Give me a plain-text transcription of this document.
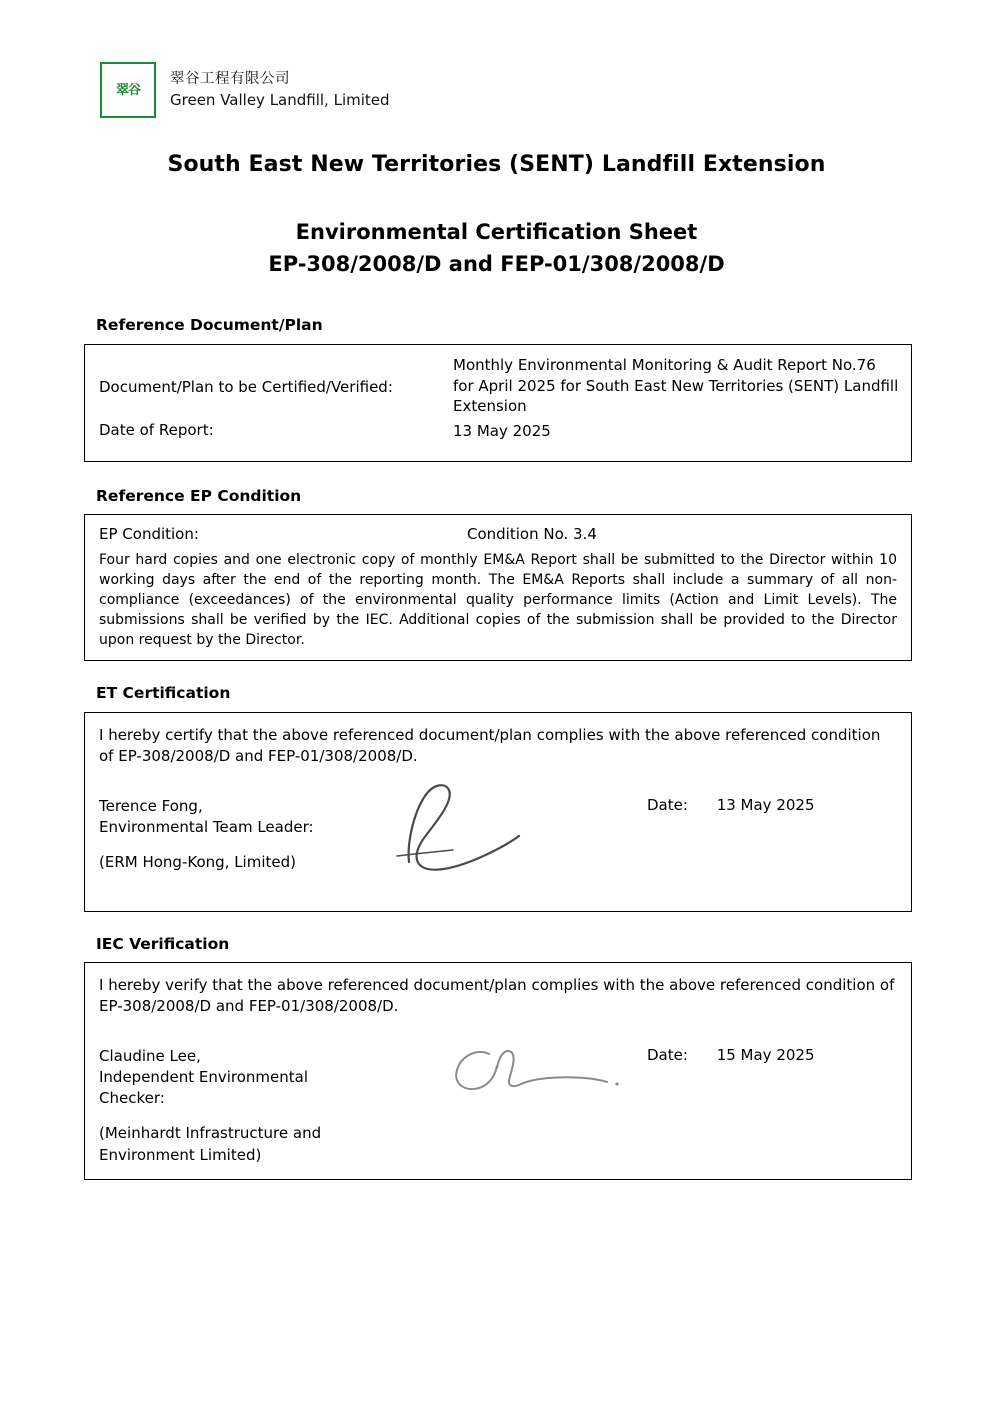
翠 谷
翠谷工程有限公司
Green Valley Landfill, Limited
South East New Territories (SENT) Landfill Extension
Environmental Certification Sheet
EP-308/2008/D and FEP-01/308/2008/D
Reference Document/Plan
Document/Plan to be Certified/Verified:
Monthly Environmental Monitoring & Audit Report No.76 for April 2025 for South East New Territories (SENT) Landfill Extension
Date of Report:	13 May 2025
Reference EP Condition
EP Condition:	Condition No. 3.4
Four hard copies and one electronic copy of monthly EM&A Report shall be submitted to the Director within 10 working days after the end of the reporting month. The EM&A Reports shall include a summary of all non-compliance (exceedances) of the environmental quality performance limits (Action and Limit Levels). The submissions shall be verified by the IEC. Additional copies of the submission shall be provided to the Director upon request by the Director.
ET Certification
I hereby certify that the above referenced document/plan complies with the above referenced condition of EP-308/2008/D and FEP-01/308/2008/D.
Terence Fong,
Environmental Team Leader:
(ERM Hong-Kong, Limited)
Date: 13 May 2025
IEC Verification
I hereby verify that the above referenced document/plan complies with the above referenced condition of EP-308/2008/D and FEP-01/308/2008/D.
Claudine Lee,
Independent Environmental
Checker:
(Meinhardt Infrastructure and
Environment Limited)
Date: 15 May 2025
